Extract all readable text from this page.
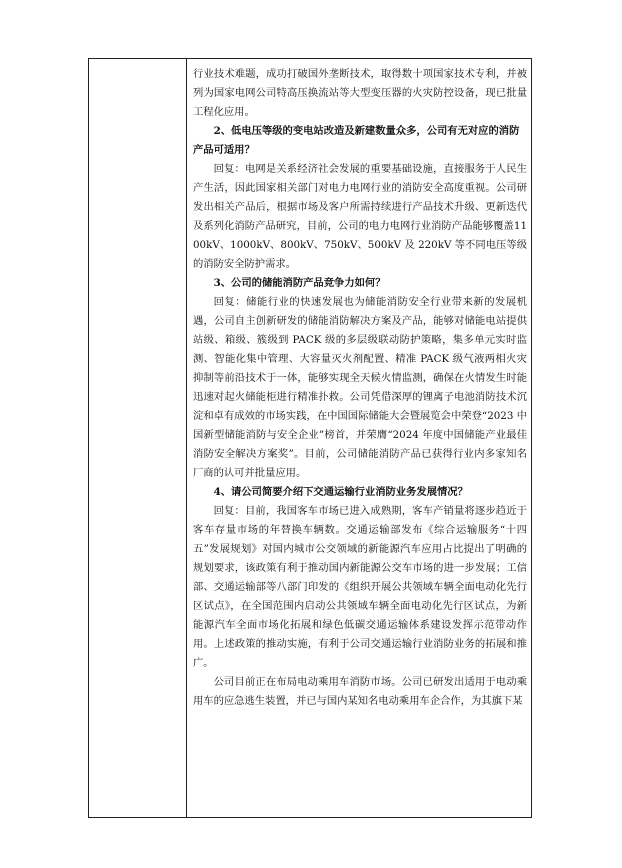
行业技术难题，成功打破国外垄断技术，取得数十项国家技术专利，并被列为国家电网公司特高压换流站等大型变压器的火灾防控设备，现已批量工程化应用。

2、低电压等级的变电站改造及新建数量众多，公司有无对应的消防产品可适用？

回复：电网是关系经济社会发展的重要基础设施，直接服务于人民生产生活，因此国家相关部门对电力电网行业的消防安全高度重视。公司研发出相关产品后，根据市场及客户所需持续进行产品技术升级、更新迭代及系列化消防产品研究，目前，公司的电力电网行业消防产品能够覆盖1100kV、1000kV、800kV、750kV、500kV 及 220kV 等不同电压等级的消防安全防护需求。

3、公司的储能消防产品竞争力如何？

回复：储能行业的快速发展也为储能消防安全行业带来新的发展机遇，公司自主创新研发的储能消防解决方案及产品，能够对储能电站提供站级、箱级、簇级到 PACK 级的多层级联动防护策略，集多单元实时监测、智能化集中管理、大容量灭火剂配置、精准 PACK 级气液两相火灾抑制等前沿技术于一体，能够实现全天候火情监测，确保在火情发生时能迅速对起火储能柜进行精准扑救。公司凭借深厚的锂离子电池消防技术沉淀和卓有成效的市场实践，在中国国际储能大会暨展览会中荣登“2023 中国新型储能消防与安全企业”榜首，并荣膺“2024 年度中国储能产业最佳消防安全解决方案奖”。目前，公司储能消防产品已获得行业内多家知名厂商的认可并批量应用。

4、请公司简要介绍下交通运输行业消防业务发展情况？

回复：目前，我国客车市场已进入成熟期，客车产销量将逐步趋近于客车存量市场的年替换车辆数。交通运输部发布《综合运输服务“十四五”发展规划》对国内城市公交领域的新能源汽车应用占比提出了明确的规划要求，该政策有利于推动国内新能源公交车市场的进一步发展；工信部、交通运输部等八部门印发的《组织开展公共领域车辆全面电动化先行区试点》，在全国范围内启动公共领域车辆全面电动化先行区试点，为新能源汽车全面市场化拓展和绿色低碳交通运输体系建设发挥示范带动作用。上述政策的推动实施，有利于公司交通运输行业消防业务的拓展和推广。

公司目前正在布局电动乘用车消防市场。公司已研发出适用于电动乘用车的应急逃生装置，并已与国内某知名电动乘用车企合作，为其旗下某
